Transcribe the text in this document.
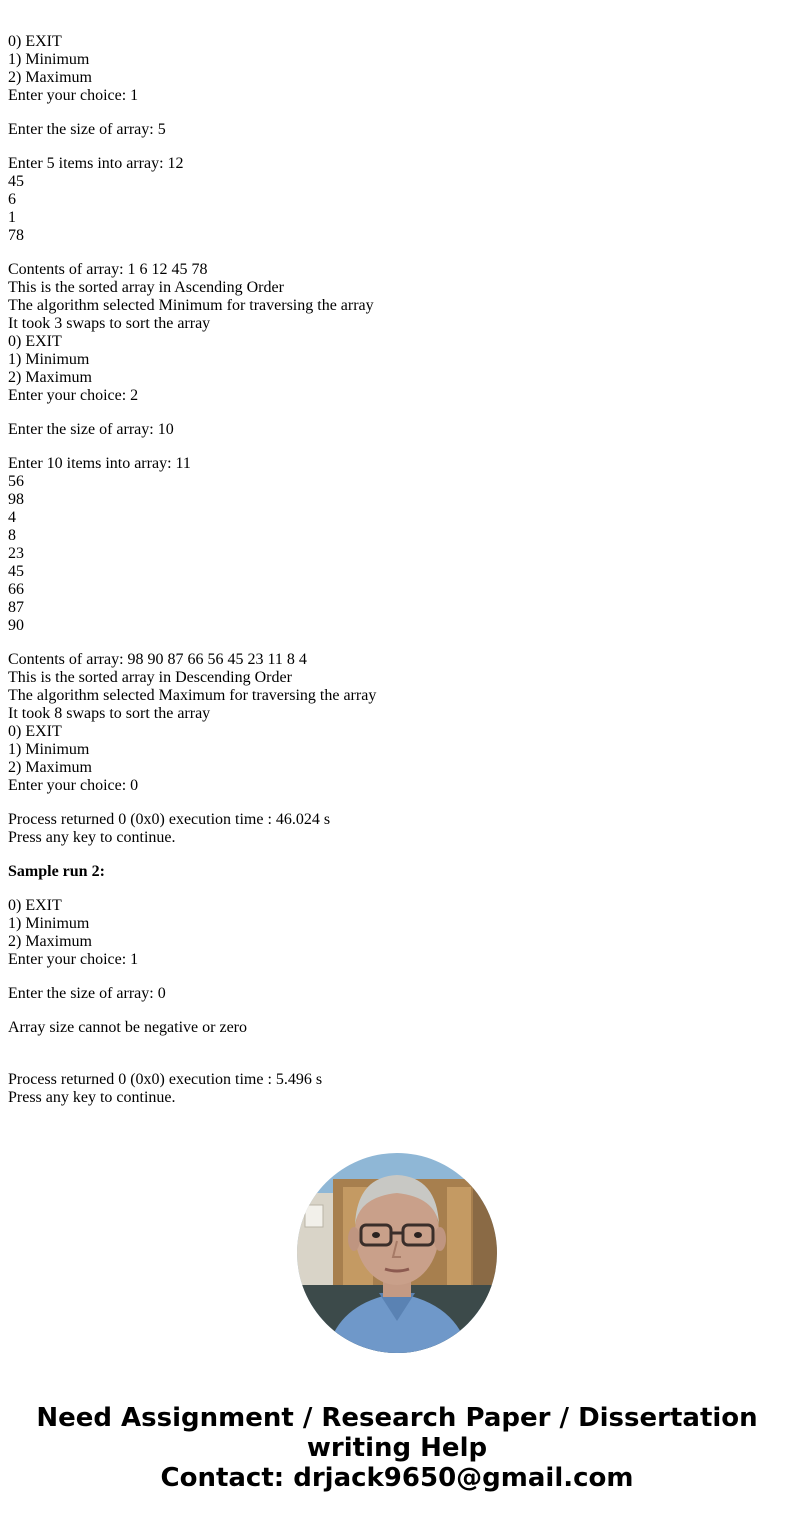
0) EXIT
1) Minimum
2) Maximum
Enter your choice: 1
Enter the size of array: 5
Enter 5 items into array: 12
45
6
1
78
Contents of array: 1 6 12 45 78
This is the sorted array in Ascending Order
The algorithm selected Minimum for traversing the array
It took 3 swaps to sort the array
0) EXIT
1) Minimum
2) Maximum
Enter your choice: 2
Enter the size of array: 10
Enter 10 items into array: 11
56
98
4
8
23
45
66
87
90
Contents of array: 98 90 87 66 56 45 23 11 8 4
This is the sorted array in Descending Order
The algorithm selected Maximum for traversing the array
It took 8 swaps to sort the array
0) EXIT
1) Minimum
2) Maximum
Enter your choice: 0
Process returned 0 (0x0) execution time : 46.024 s
Press any key to continue.
Sample run 2:
0) EXIT
1) Minimum
2) Maximum
Enter your choice: 1
Enter the size of array: 0
Array size cannot be negative or zero
Process returned 0 (0x0) execution time : 5.496 s
Press any key to continue.
Need Assignment / Research Paper / Dissertation
writing Help
Contact: drjack9650@gmail.com
